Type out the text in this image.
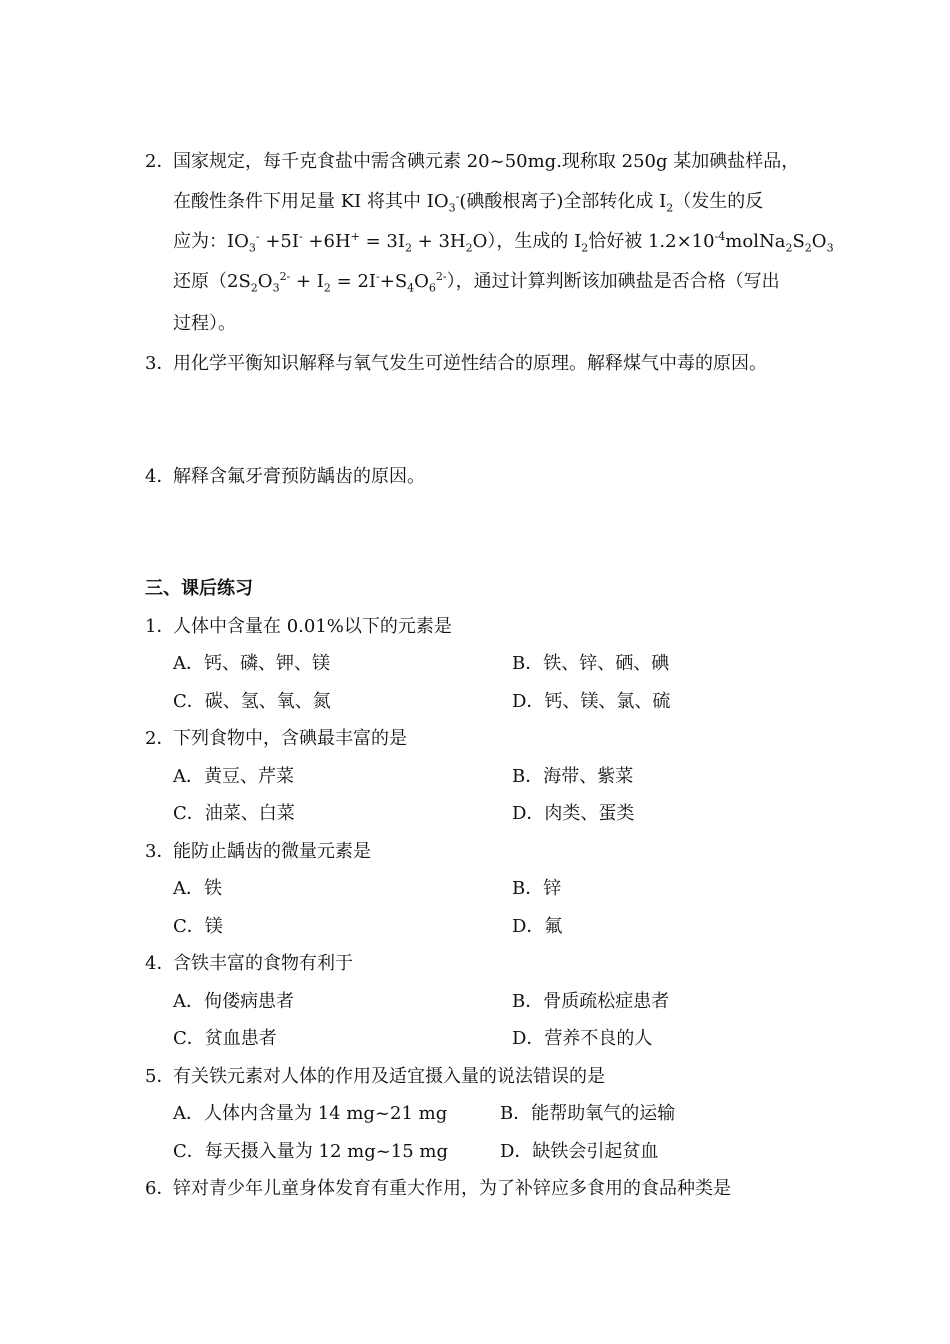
2．国家规定，每千克食盐中需含碘元素 20~50mg.现称取 250g 某加碘盐样品，
在酸性条件下用足量 KI 将其中 $IO_3^-$(碘酸根离子)全部转化成 $I_2$（发生的反
应为：$IO_3^- +5I^- +6H^+ = 3I_2 + 3H_2O$），生成的 $I_2$恰好被 $1.2\times 10^{-4}molNa_2S_2O_3$
还原$(2S_2O_3^{2-} + I_2 = 2I^-+S_4O_6^{2-})$，通过计算判断该加碘盐是否合格（写出
过程）。
3．用化学平衡知识解释与氧气发生可逆性结合的原理。解释煤气中毒的原因。
4．解释含氟牙膏预防龋齿的原因。
三、课后练习
1．人体中含量在 0.01%以下的元素是
A．钙、磷、钾、镁	B．铁、锌、硒、碘
C．碳、氢、氧、氮	D．钙、镁、氯、硫
2．下列食物中，含碘最丰富的是
A．黄豆、芹菜	B．海带、紫菜
C．油菜、白菜	D．肉类、蛋类
3．能防止龋齿的微量元素是
A．铁	B．锌
C．镁	D．氟
4．含铁丰富的食物有利于
A．佝偻病患者	B．骨质疏松症患者
C．贫血患者	D．营养不良的人
5．有关铁元素对人体的作用及适宜摄入量的说法错误的是
A．人体内含量为 14 mg~21 mg	B．能帮助氧气的运输
C．每天摄入量为 12 mg~15 mg	D．缺铁会引起贫血
6．锌对青少年儿童身体发育有重大作用，为了补锌应多食用的食品种类是
